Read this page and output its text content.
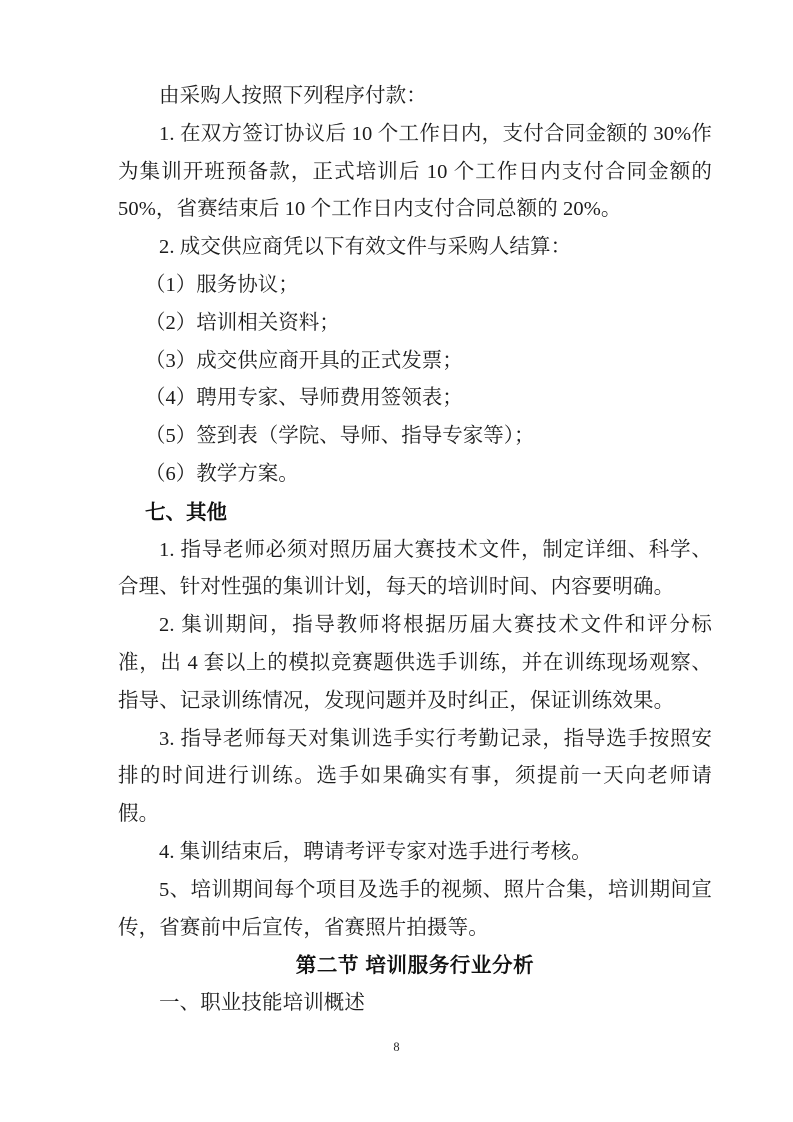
由采购人按照下列程序付款：

1. 在双方签订协议后 10 个工作日内，支付合同金额的 30%作为集训开班预备款，正式培训后 10 个工作日内支付合同金额的 50%，省赛结束后 10 个工作日内支付合同总额的 20%。

2. 成交供应商凭以下有效文件与采购人结算：

（1）服务协议；

（2）培训相关资料；

（3）成交供应商开具的正式发票；

（4）聘用专家、导师费用签领表；

（5）签到表（学院、导师、指导专家等）；

（6）教学方案。

七、其他

1. 指导老师必须对照历届大赛技术文件，制定详细、科学、合理、针对性强的集训计划，每天的培训时间、内容要明确。

2. 集训期间，指导教师将根据历届大赛技术文件和评分标准，出 4 套以上的模拟竞赛题供选手训练，并在训练现场观察、指导、记录训练情况，发现问题并及时纠正，保证训练效果。

3. 指导老师每天对集训选手实行考勤记录，指导选手按照安排的时间进行训练。选手如果确实有事，须提前一天向老师请假。

4. 集训结束后，聘请考评专家对选手进行考核。

5、培训期间每个项目及选手的视频、照片合集，培训期间宣传，省赛前中后宣传，省赛照片拍摄等。

第二节 培训服务行业分析

一、职业技能培训概述

8
